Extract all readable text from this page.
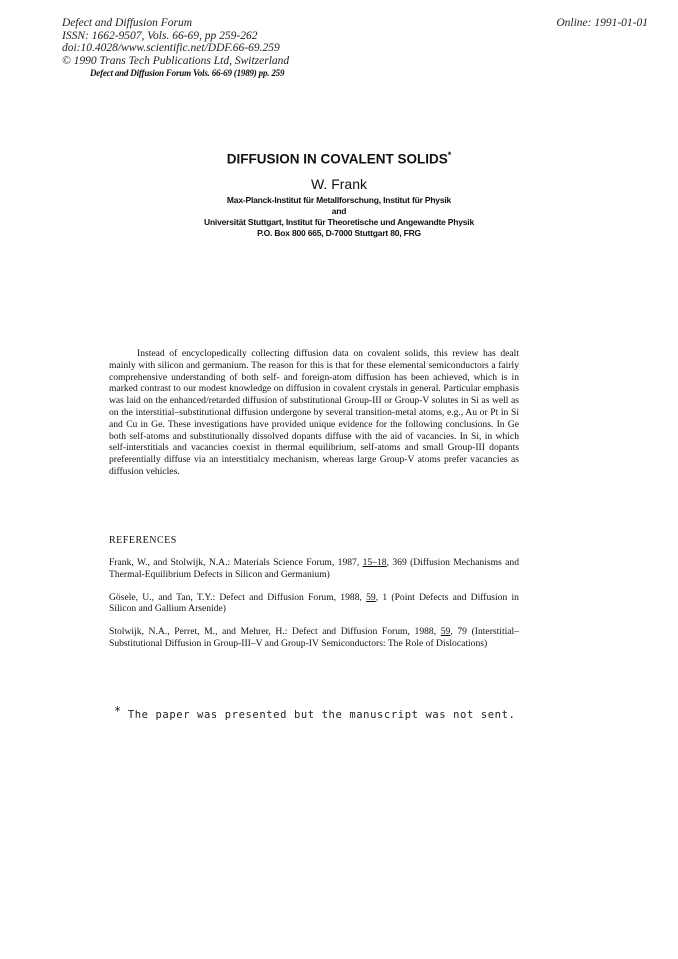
Defect and Diffusion Forum
ISSN: 1662-9507, Vols. 66-69, pp 259-262
doi:10.4028/www.scientific.net/DDF.66-69.259
© 1990 Trans Tech Publications Ltd, Switzerland
Online: 1991-01-01
Defect and Diffusion Forum Vols. 66-69 (1989) pp. 259
DIFFUSION IN COVALENT SOLIDS*
W. Frank
Max-Planck-Institut für Metallforschung, Institut für Physik
and
Universität Stuttgart, Institut für Theoretische und Angewandte Physik
P.O. Box 800 665, D-7000 Stuttgart 80, FRG

Instead of encyclopedically collecting diffusion data on covalent solids, this review has dealt mainly with silicon and germanium. The reason for this is that for these elemental semiconductors a fairly comprehensive understanding of both self- and foreign-atom diffusion has been achieved, which is in marked contrast to our modest knowledge on diffusion in covalent crystals in general. Particular emphasis was laid on the enhanced/retarded diffusion of substitutional Group-III or Group-V solutes in Si as well as on the interstitial–substitutional diffusion undergone by several transition-metal atoms, e.g., Au or Pt in Si and Cu in Ge. These investigations have provided unique evidence for the following conclusions. In Ge both self-atoms and substitutionally dissolved dopants diffuse with the aid of vacancies. In Si, in which self-interstitials and vacancies coexist in thermal equilibrium, self-atoms and small Group-III dopants preferentially diffuse via an interstitialcy mechanism, whereas large Group-V atoms prefer vacancies as diffusion vehicles.

REFERENCES
Frank, W., and Stolwijk, N.A.: Materials Science Forum, 1987, 15–18, 369 (Diffusion Mechanisms and Thermal-Equilibrium Defects in Silicon and Germanium)
Gösele, U., and Tan, T.Y.: Defect and Diffusion Forum, 1988, 59, 1 (Point Defects and Diffusion in Silicon and Gallium Arsenide)
Stolwijk, N.A., Perret, M., and Mehrer, H.: Defect and Diffusion Forum, 1988, 59, 79 (Interstitial–Substitutional Diffusion in Group-III–V and Group-IV Semiconductors: The Role of Dislocations)
* The paper was presented but the manuscript was not sent.
